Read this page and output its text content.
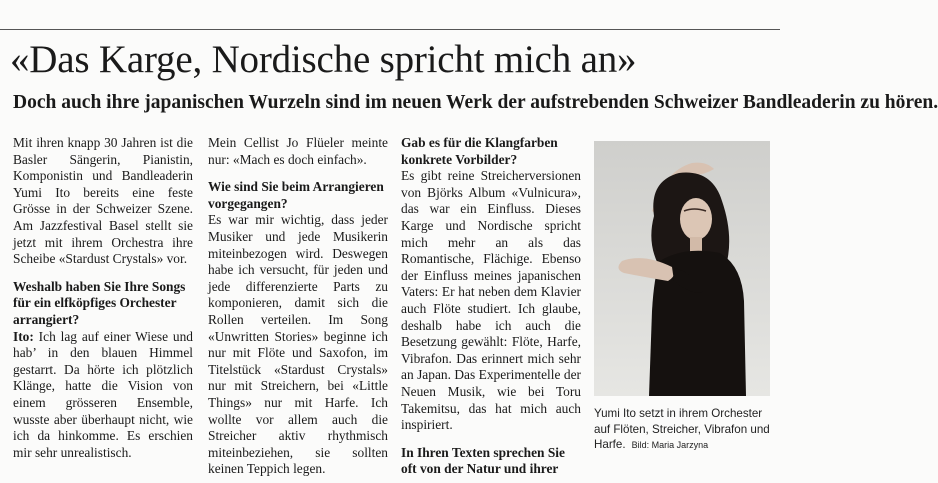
«Das Karge, Nordische spricht mich an»
Doch auch ihre japanischen Wurzeln sind im neuen Werk der aufstrebenden Schweizer Bandleaderin zu hören.

Mit ihren knapp 30 Jahren ist die Basler Sängerin, Pianistin, Komponistin und Bandleaderin Yumi Ito bereits eine feste Grösse in der Schweizer Szene. Am Jazzfestival Basel stellt sie jetzt mit ihrem Orchestra ihre Scheibe «Stardust Crystals» vor.

Weshalb haben Sie Ihre Songs für ein elfköpfiges Orchester arrangiert?

Ito: Ich lag auf einer Wiese und hab’ in den blauen Himmel gestarrt. Da hörte ich plötzlich Klänge, hatte die Vision von einem grösseren Ensemble, wusste aber überhaupt nicht, wie ich da hinkomme. Es erschien mir sehr unrealistisch.

Mein Cellist Jo Flüeler meinte nur: «Mach es doch einfach».

Wie sind Sie beim Arrangieren vorgegangen?

Es war mir wichtig, dass jeder Musiker und jede Musikerin miteinbezogen wird. Deswegen habe ich versucht, für jeden und jede differenzierte Parts zu komponieren, damit sich die Rollen verteilen. Im Song «Unwritten Stories» beginne ich nur mit Flöte und Saxofon, im Titelstück «Stardust Crystals» nur mit Streichern, bei «Little Things» nur mit Harfe. Ich wollte vor allem auch die Streicher aktiv rhythmisch miteinbeziehen, sie sollten keinen Teppich legen.

Gab es für die Klangfarben konkrete Vorbilder?

Es gibt reine Streicherversionen von Björks Album «Vulnicura», das war ein Einfluss. Dieses Karge und Nordische spricht mich mehr an als das Romantische, Flächige. Ebenso der Einfluss meines japanischen Vaters: Er hat neben dem Klavier auch Flöte studiert. Ich glaube, deshalb habe ich auch die Besetzung gewählt: Flöte, Harfe, Vibrafon. Das erinnert mich sehr an Japan. Das Experimentelle der Neuen Musik, wie bei Toru Takemitsu, das hat mich auch inspiriert.

In Ihren Texten sprechen Sie oft von der Natur und ihrer

Yumi Ito setzt in ihrem Orchester auf Flöten, Streicher, Vibrafon und Harfe. Bild: Maria Jarzyna
